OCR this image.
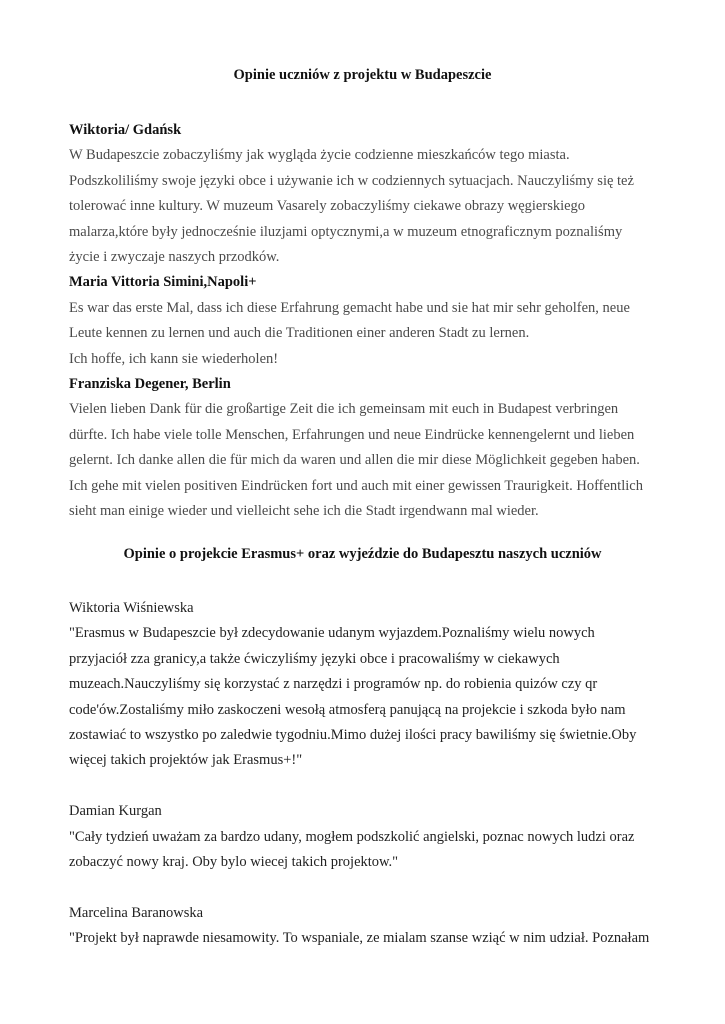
Opinie uczniów z projektu w Budapeszcie
Wiktoria/ Gdańsk
W Budapeszcie zobaczyliśmy jak wygląda życie codzienne mieszkańców tego miasta.
Podszkoliliśmy swoje języki obce i używanie ich w codziennych sytuacjach. Nauczyliśmy się też
tolerować inne kultury. W muzeum Vasarely zobaczyliśmy ciekawe obrazy węgierskiego
malarza,które były jednocześnie iluzjami optycznymi,a w muzeum etnograficznym poznaliśmy
życie i zwyczaje naszych przodków.
Maria Vittoria Simini,Napoli+
Es war das erste Mal, dass ich diese Erfahrung gemacht habe und sie hat mir sehr geholfen, neue
Leute kennen zu lernen und auch die Traditionen einer anderen Stadt zu lernen.
Ich hoffe, ich kann sie wiederholen!
Franziska Degener, Berlin
Vielen lieben Dank für die großartige Zeit die ich gemeinsam mit euch in Budapest verbringen
dürfte. Ich habe viele tolle Menschen, Erfahrungen und neue Eindrücke kennengelernt und lieben
gelernt. Ich danke allen die für mich da waren und allen die mir diese Möglichkeit gegeben haben.
Ich gehe mit vielen positiven Eindrücken fort und auch mit einer gewissen Traurigkeit. Hoffentlich
sieht man einige wieder und vielleicht sehe ich die Stadt irgendwann mal wieder.
Opinie o projekcie Erasmus+ oraz wyjeździe do Budapesztu naszych uczniów
Wiktoria Wiśniewska
"Erasmus w Budapeszcie był zdecydowanie udanym wyjazdem.Poznaliśmy wielu nowych
przyjaciół zza granicy,a także ćwiczyliśmy języki obce i pracowaliśmy w ciekawych
muzeach.Nauczyliśmy się korzystać z narzędzi i programów np. do robienia quizów czy qr
code'ów.Zostaliśmy miło zaskoczeni wesołą atmosferą panującą na projekcie i szkoda było nam
zostawiać to wszystko po zaledwie tygodniu.Mimo dużej ilości pracy bawiliśmy się świetnie.Oby
więcej takich projektów jak Erasmus+!"
Damian Kurgan
"Cały tydzień uważam za bardzo udany, mogłem podszkolić angielski, poznac nowych ludzi oraz
zobaczyć nowy kraj. Oby bylo wiecej takich projektow."
Marcelina Baranowska
"Projekt był naprawde niesamowity. To wspaniale, ze mialam szanse wziąć w nim udział. Poznałam
